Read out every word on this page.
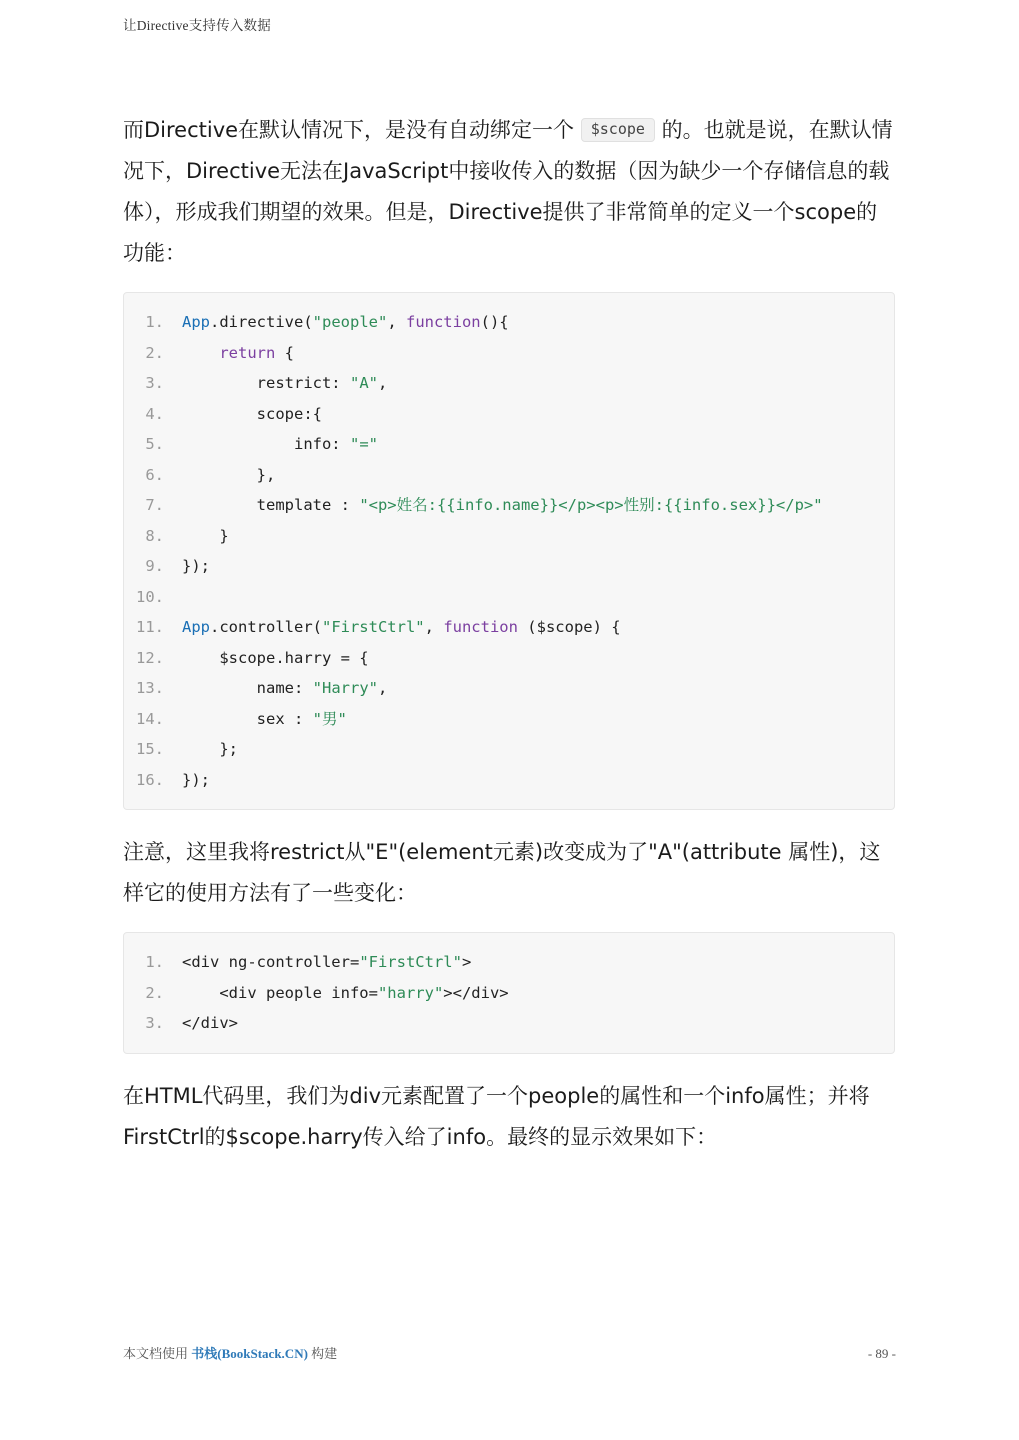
让Directive支持传入数据

而Directive在默认情况下，是没有自动绑定一个 $scope 的。也就是说，在默认情况下，Directive无法在JavaScript中接收传入的数据（因为缺少一个存储信息的载体），形成我们期望的效果。但是，Directive提供了非常简单的定义一个scope的功能：

1.	App.directive("people", function(){
2.	return {
3.	restrict: "A",
4.	scope:{
5.	info: "="
6.	},
7.	template : "<p>姓名:{{info.name}}</p><p>性别:{{info.sex}}</p>"
8.	}
9.	});
10.
11.	App.controller("FirstCtrl", function ($scope) {
12.	$scope.harry = {
13.	name: "Harry",
14.	sex : "男"
15.	};
16.	});

注意，这里我将restrict从"E"(element元素)改变成为了"A"(attribute 属性)，这样它的使用方法有了一些变化：

1.	<div ng-controller="FirstCtrl">
2.	<div people info="harry"></div>
3.	</div>

在HTML代码里，我们为div元素配置了一个people的属性和一个info属性；并将FirstCtrl的$scope.harry传入给了info。最终的显示效果如下：

本文档使用 书栈(BookStack.CN) 构建	- 89 -
